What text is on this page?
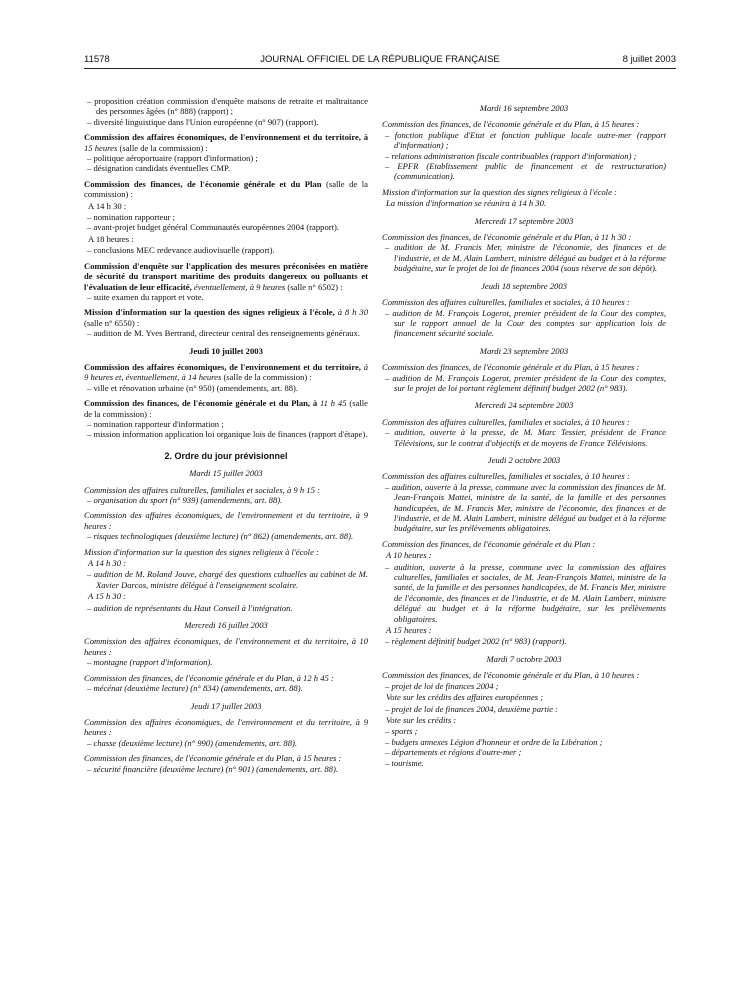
11578	JOURNAL OFFICIEL DE LA RÉPUBLIQUE FRANÇAISE	8 juillet 2003
– proposition création commission d'enquête maisons de retraite et maltraitance des personnes âgées (n° 888) (rapport) ;
– diversité linguistique dans l'Union européenne (n° 907) (rapport).
Commission des affaires économiques, de l'environnement et du territoire, à 15 heures (salle de la commission) :
– politique aéroportuaire (rapport d'information) ;
– désignation candidats éventuelles CMP.
Commission des finances, de l'économie générale et du Plan (salle de la commission) :
A 14 h 30 :
– nomination rapporteur ;
– avant-projet budget général Communautés européennes 2004 (rapport).
A 18 heures :
– conclusions MEC redevance audiovisuelle (rapport).
Commission d'enquête sur l'application des mesures préconisées en matière de sécurité du transport maritime des produits dangereux ou polluants et l'évaluation de leur efficacité, éventuellement, à 9 heures (salle n° 6502) :
– suite examen du rapport et vote.
Mission d'information sur la question des signes religieux à l'école, à 8 h 30 (salle n° 6550) :
– audition de M. Yves Bertrand, directeur central des renseignements généraux.
Jeudi 10 juillet 2003
Commission des affaires économiques, de l'environnement et du territoire, à 9 heures et, éventuellement, à 14 heures (salle de la commission) :
– ville et rénovation urbaine (n° 950) (amendements, art. 88).
Commission des finances, de l'économie générale et du Plan, à 11 h 45 (salle de la commission) :
– nomination rapporteur d'information ;
– mission information application loi organique lois de finances (rapport d'étape).
2. Ordre du jour prévisionnel
Mardi 15 juillet 2003
Commission des affaires culturelles, familiales et sociales, à 9 h 15 :
– organisation du sport (n° 939) (amendements, art. 88).
Commission des affaires économiques, de l'environnement et du territoire, à 9 heures :
– risques technologiques (deuxième lecture) (n° 862) (amendements, art. 88).
Mission d'information sur la question des signes religieux à l'école :
A 14 h 30 :
– audition de M. Roland Jouve, chargé des questions cultuelles au cabinet de M. Xavier Darcos, ministre délégué à l'enseignement scolaire.
A 15 h 30 :
– audition de représentants du Haut Conseil à l'intégration.
Mercredi 16 juillet 2003
Commission des affaires économiques, de l'environnement et du territoire, à 10 heures :
– montagne (rapport d'information).
Commission des finances, de l'économie générale et du Plan, à 12 h 45 :
– mécénat (deuxième lecture) (n° 834) (amendements, art. 88).
Jeudi 17 juillet 2003
Commission des affaires économiques, de l'environnement et du territoire, à 9 heures :
– chasse (deuxième lecture) (n° 990) (amendements, art. 88).
Commission des finances, de l'économie générale et du Plan, à 15 heures :
– sécurité financière (deuxième lecture) (n° 901) (amendements, art. 88).
Mardi 16 septembre 2003
Commission des finances, de l'économie générale et du Plan, à 15 heures :
– fonction publique d'Etat et fonction publique locale outre-mer (rapport d'information) ;
– relations administration fiscale contribuables (rapport d'information) ;
– EPFR (Etablissement public de financement et de restructuration) (communication).
Mission d'information sur la question des signes religieux à l'école :
La mission d'information se réunira à 14 h 30.
Mercredi 17 septembre 2003
Commission des finances, de l'économie générale et du Plan, à 11 h 30 :
– audition de M. Francis Mer, ministre de l'économie, des finances et de l'industrie, et de M. Alain Lambert, ministre délégué au budget et à la réforme budgétaire, sur le projet de loi de finances 2004 (sous réserve de son dépôt).
Jeudi 18 septembre 2003
Commission des affaires culturelles, familiales et sociales, à 10 heures :
– audition de M. François Logerot, premier président de la Cour des comptes, sur le rapport annuel de la Cour des comptes sur application lois de financement sécurité sociale.
Mardi 23 septembre 2003
Commission des finances, de l'économie générale et du Plan, à 15 heures :
– audition de M. François Logerot, premier président de la Cour des comptes, sur le projet de loi portant règlement définitif budget 2002 (n° 983).
Mercredi 24 septembre 2003
Commission des affaires culturelles, familiales et sociales, à 10 heures :
– audition, ouverte à la presse, de M. Marc Tessier, président de France Télévisions, sur le contrat d'objectifs et de moyens de France Télévisions.
Jeudi 2 octobre 2003
Commission des affaires culturelles, familiales et sociales, à 10 heures :
– audition, ouverte à la presse, commune avec la commission des finances de M. Jean-François Mattei, ministre de la santé, de la famille et des personnes handicapées, de M. Francis Mer, ministre de l'économie, des finances et de l'industrie, et de M. Alain Lambert, ministre délégué au budget et à la réforme budgétaire, sur les prélèvements obligatoires.
Commission des finances, de l'économie générale et du Plan :
A 10 heures :
– audition, ouverte à la presse, commune avec la commission des affaires culturelles, familiales et sociales, de M. Jean-François Mattei, ministre de la santé, de la famille et des personnes handicapées, de M. Francis Mer, ministre de l'économie, des finances et de l'industrie, et de M. Alain Lambert, ministre délégué au budget et à la réforme budgétaire, sur les prélèvements obligatoires.
A 15 heures :
– règlement définitif budget 2002 (n° 983) (rapport).
Mardi 7 octobre 2003
Commission des finances, de l'économie générale et du Plan, à 10 heures :
– projet de loi de finances 2004 ;
Vote sur les crédits des affaires européennes ;
– projet de loi de finances 2004, deuxième partie :
Vote sur les crédits :
– sports ;
– budgets annexes Légion d'honneur et ordre de la Libération ;
– départements et régions d'outre-mer ;
– tourisme.
